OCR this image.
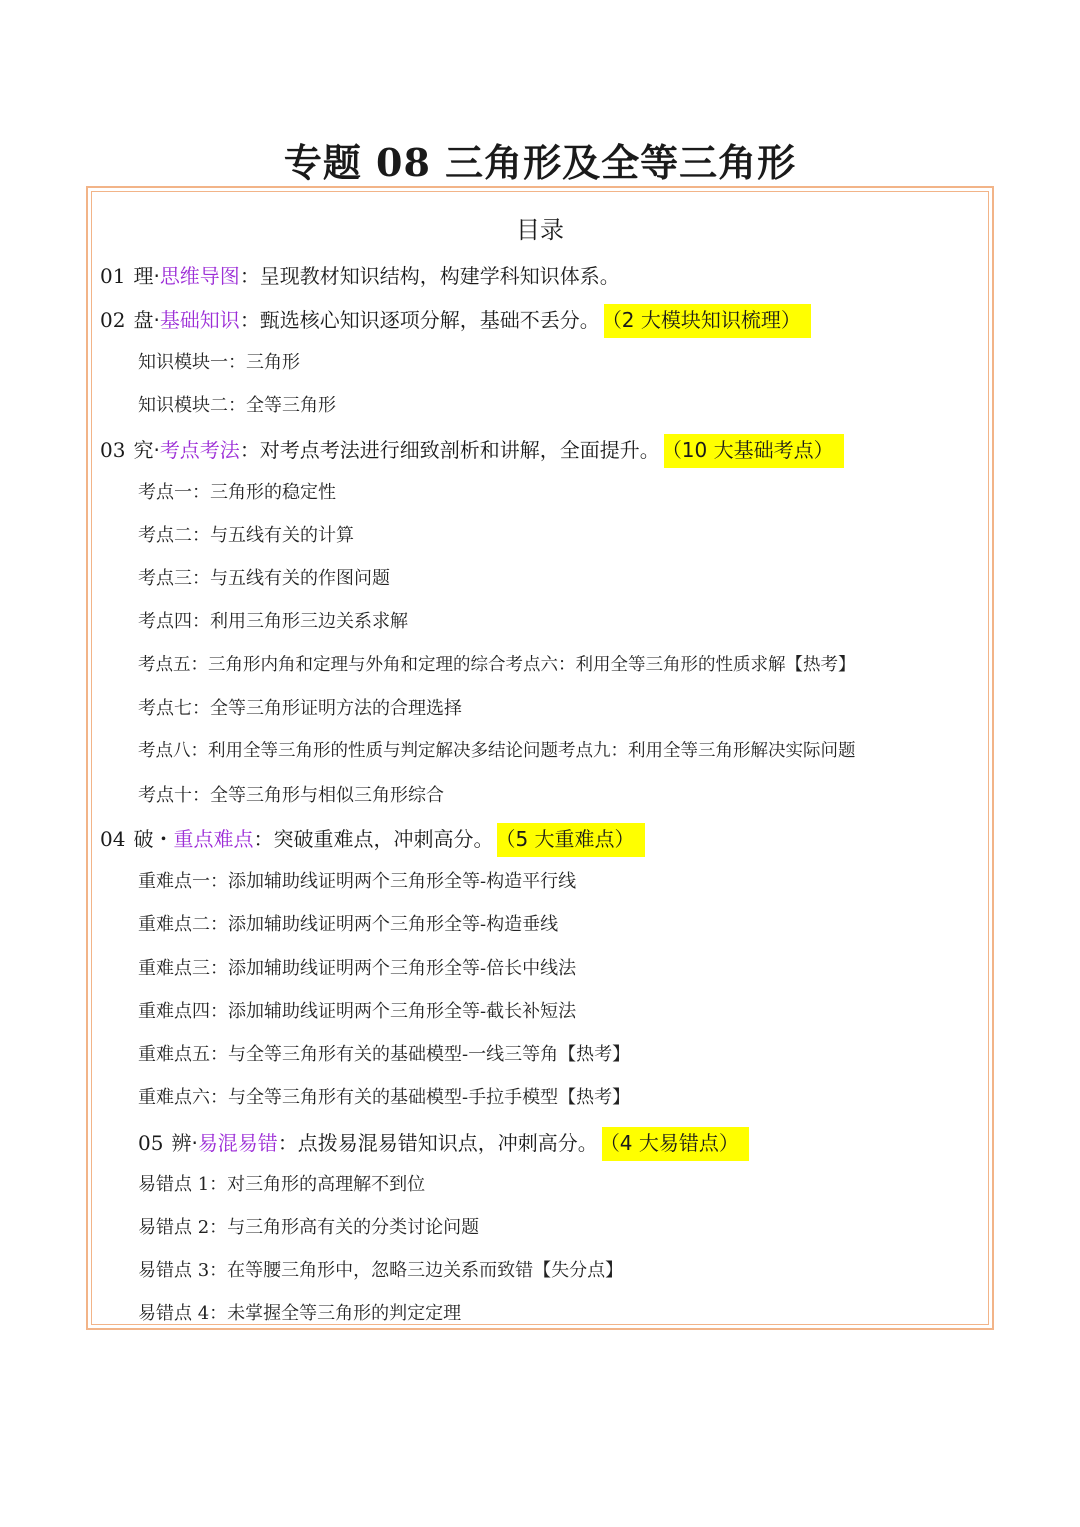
专题 08 三角形及全等三角形
目录
01 理·思维导图：呈现教材知识结构，构建学科知识体系。
02 盘·基础知识：甄选核心知识逐项分解，基础不丢分。 （2 大模块知识梳理）
知识模块一：三角形
知识模块二：全等三角形
03 究·考点考法：对考点考法进行细致剖析和讲解，全面提升。 （10 大基础考点）
考点一：三角形的稳定性
考点二：与五线有关的计算
考点三：与五线有关的作图问题
考点四：利用三角形三边关系求解
考点五：三角形内角和定理与外角和定理的综合考点六：利用全等三角形的性质求解【热考】
考点七：全等三角形证明方法的合理选择
考点八：利用全等三角形的性质与判定解决多结论问题考点九：利用全等三角形解决实际问题
考点十：全等三角形与相似三角形综合
04 破・重点难点：突破重难点，冲刺高分。 （5 大重难点）
重难点一：添加辅助线证明两个三角形全等-构造平行线
重难点二：添加辅助线证明两个三角形全等-构造垂线
重难点三：添加辅助线证明两个三角形全等-倍长中线法
重难点四：添加辅助线证明两个三角形全等-截长补短法
重难点五：与全等三角形有关的基础模型-一线三等角【热考】
重难点六：与全等三角形有关的基础模型-手拉手模型【热考】
05 辨·易混易错：点拨易混易错知识点，冲刺高分。 （4 大易错点）
易错点 1：对三角形的高理解不到位
易错点 2：与三角形高有关的分类讨论问题
易错点 3：在等腰三角形中，忽略三边关系而致错【失分点】
易错点 4：未掌握全等三角形的判定定理
